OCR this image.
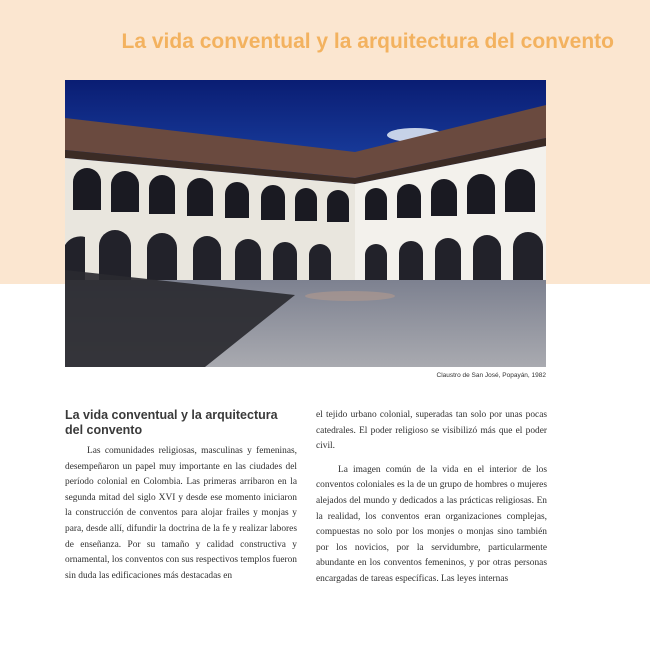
La vida conventual y la arquitectura del convento
Claustro de San José, Popayán, 1982
La vida conventual y la arquitectura del convento

Las comunidades religiosas, masculinas y femeninas, desempeñaron un papel muy importante en las ciudades del período colonial en Colombia. Las primeras arribaron en la segunda mitad del siglo XVI y desde ese momento iniciaron la construcción de conventos para alojar frailes y monjas y para, desde allí, difundir la doctrina de la fe y realizar labores de enseñanza. Por su tamaño y calidad constructiva y ornamental, los conventos con sus respectivos templos fueron sin duda las edificaciones más destacadas en

el tejido urbano colonial, superadas tan solo por unas pocas catedrales. El poder religioso se visibilizó más que el poder civil.

La imagen común de la vida en el interior de los conventos coloniales es la de un grupo de hombres o mujeres alejados del mundo y dedicados a las prácticas religiosas. En la realidad, los conventos eran organizaciones complejas, compuestas no solo por los monjes o monjas sino también por los novicios, por la servidumbre, particularmente abundante en los conventos femeninos, y por otras personas encargadas de tareas específicas. Las leyes internas
